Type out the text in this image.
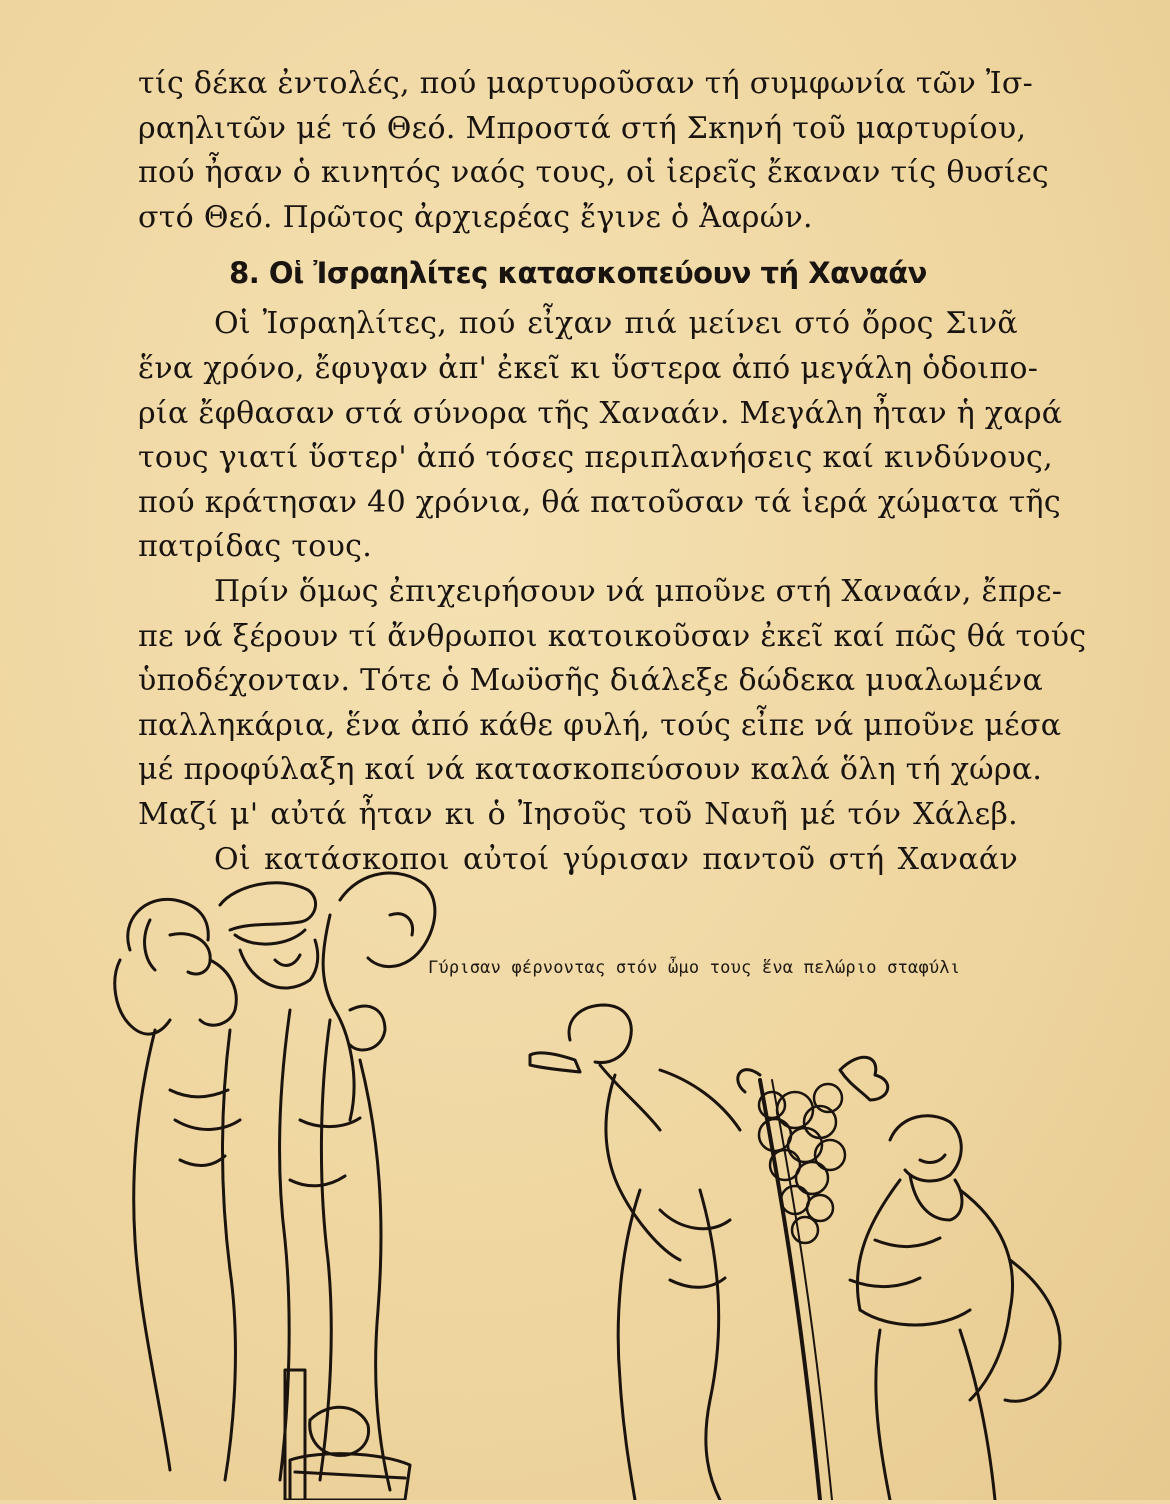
τίς δέκα ἐντολές, πού μαρτυροῦσαν τή συμφωνία τῶν Ἰσ-
ραηλιτῶν μέ τό Θεό. Μπροστά στή Σκηνή τοῦ μαρτυρίου,
πού ἦσαν ὁ κινητός ναός τους, οἱ ἱερεῖς ἔκαναν τίς θυσίες
στό Θεό. Πρῶτος ἀρχιερέας ἔγινε ὁ Ἀαρών.
8. Οἱ Ἰσραηλίτες κατασκοπεύουν τή Χαναάν
Οἱ Ἰσραηλίτες, πού εἶχαν πιά μείνει στό ὄρος Σινᾶ
ἕνα χρόνο, ἔφυγαν ἀπ' ἐκεῖ κι ὕστερα ἀπό μεγάλη ὁδοιπο-
ρία ἔφθασαν στά σύνορα τῆς Χαναάν. Μεγάλη ἦταν ἡ χαρά
τους γιατί ὕστερ' ἀπό τόσες περιπλανήσεις καί κινδύνους,
πού κράτησαν 40 χρόνια, θά πατοῦσαν τά ἱερά χώματα τῆς
πατρίδας τους.
Πρίν ὅμως ἐπιχειρήσουν νά μποῦνε στή Χαναάν, ἔπρε-
πε νά ξέρουν τί ἄνθρωποι κατοικοῦσαν ἐκεῖ καί πῶς θά τούς
ὑποδέχονταν. Τότε ὁ Μωϋσῆς διάλεξε δώδεκα μυαλωμένα
παλληκάρια, ἕνα ἀπό κάθε φυλή, τούς εἶπε νά μποῦνε μέσα
μέ προφύλαξη καί νά κατασκοπεύσουν καλά ὅλη τή χώρα.
Μαζί μ' αὐτά ἦταν κι ὁ Ἰησοῦς τοῦ Ναυῆ μέ τόν Χάλεβ.
Οἱ κατάσκοποι αὐτοί γύρισαν παντοῦ στή Χαναάν
Γύρισαν φέρνοντας στόν ὦμο τους ἕνα πελώριο σταφύλι
